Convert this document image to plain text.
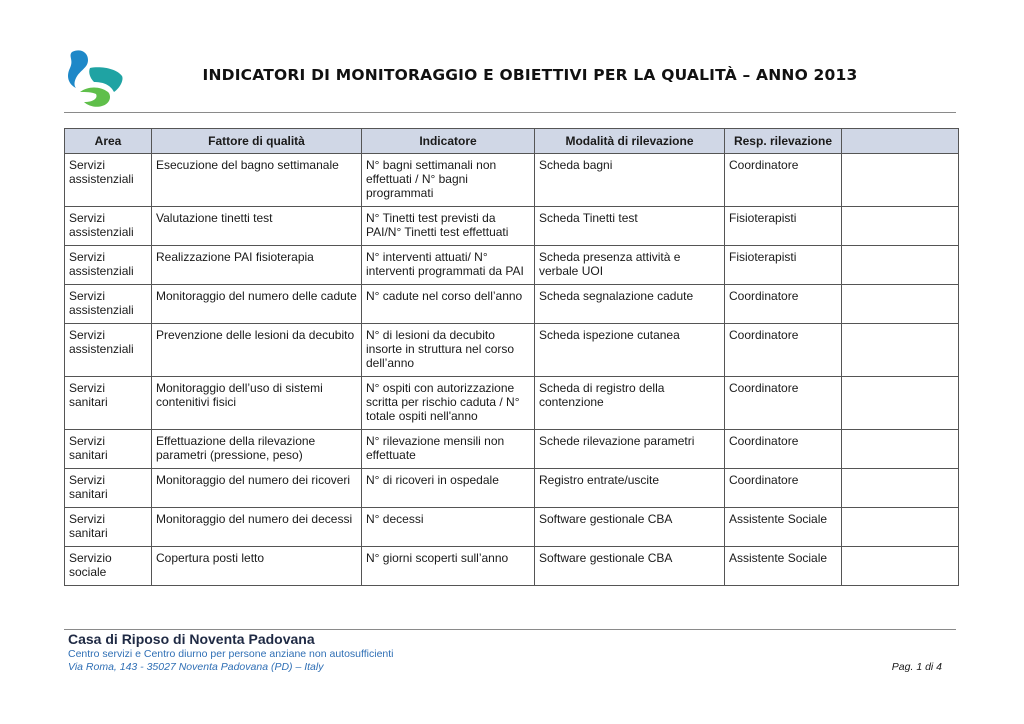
INDICATORI DI MONITORAGGIO E OBIETTIVI PER LA QUALITÀ – ANNO 2013
Area	Fattore di qualità	Indicatore	Modalità di rilevazione	Resp. rilevazione	
Servizi assistenziali	Esecuzione del bagno settimanale	N° bagni settimanali non effettuati / N° bagni programmati	Scheda bagni	Coordinatore	
Servizi assistenziali	Valutazione tinetti test	N° Tinetti test previsti da PAI/N° Tinetti test effettuati	Scheda Tinetti test	Fisioterapisti	
Servizi assistenziali	Realizzazione PAI fisioterapia	N° interventi attuati/ N° interventi programmati da PAI	Scheda presenza attività e verbale UOI	Fisioterapisti	
Servizi assistenziali	Monitoraggio del numero delle cadute	N° cadute nel corso dell’anno	Scheda segnalazione cadute	Coordinatore	
Servizi assistenziali	Prevenzione delle lesioni da decubito	N° di lesioni da decubito insorte in struttura nel corso dell’anno	Scheda ispezione cutanea	Coordinatore	
Servizi sanitari	Monitoraggio dell’uso di sistemi contenitivi fisici	N° ospiti con autorizzazione scritta per rischio caduta / N° totale ospiti nell'anno	Scheda di registro della contenzione	Coordinatore	
Servizi sanitari	Effettuazione della rilevazione parametri (pressione, peso)	N° rilevazione mensili non effettuate	Schede rilevazione parametri	Coordinatore	
Servizi sanitari	Monitoraggio del numero dei ricoveri	N° di ricoveri in ospedale	Registro entrate/uscite	Coordinatore	
Servizi sanitari	Monitoraggio del numero dei decessi	N° decessi	Software gestionale CBA	Assistente Sociale	
Servizio sociale	Copertura posti letto	N° giorni scoperti sull’anno	Software gestionale CBA	Assistente Sociale	
Casa di Riposo di Noventa Padovana
Centro servizi e Centro diurno per persone anziane non autosufficienti
Via Roma, 143 - 35027 Noventa Padovana (PD) – Italy	Pag. 1 di 4
